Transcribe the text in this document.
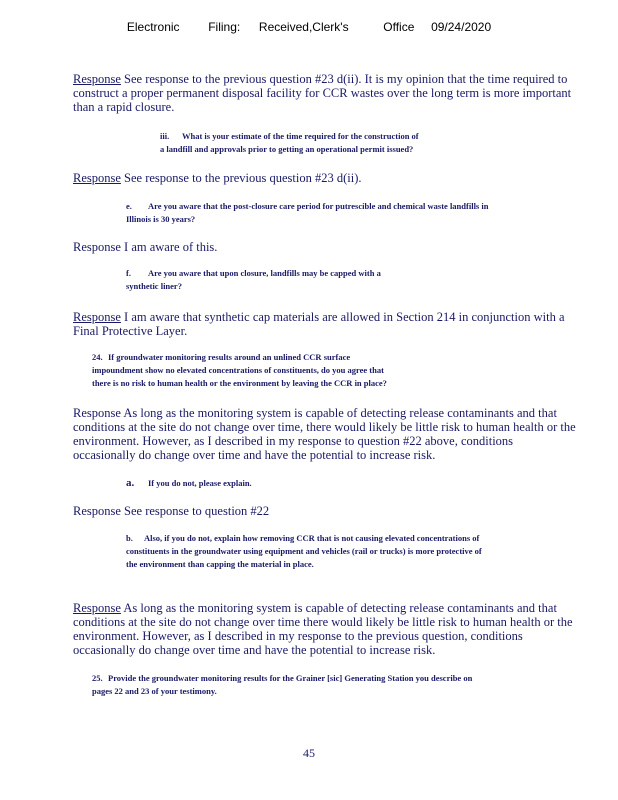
Electronic Filing: Received,Clerk's	Office 09/24/2020
Response See response to the previous question #23 d(ii). It is my opinion that the time required to construct a proper permanent disposal facility for CCR wastes over the long term is more important than a rapid closure.
iii. What is your estimate of the time required for the construction of a landfill and approvals prior to getting an operational permit issued?
Response See response to the previous question #23 d(ii).
e. Are you aware that the post-closure care period for putrescible and chemical waste landfills in Illinois is 30 years?
Response I am aware of this.
f. Are you aware that upon closure, landfills may be capped with a synthetic liner?
Response I am aware that synthetic cap materials are allowed in Section 214 in conjunction with a Final Protective Layer.
24. If groundwater monitoring results around an unlined CCR surface impoundment show no elevated concentrations of constituents, do you agree that there is no risk to human health or the environment by leaving the CCR in place?
Response As long as the monitoring system is capable of detecting release contaminants and that conditions at the site do not change over time, there would likely be little risk to human health or the environment. However, as I described in my response to question #22 above, conditions occasionally do change over time and have the potential to increase risk.
a. If you do not, please explain.
Response See response to question #22
b. Also, if you do not, explain how removing CCR that is not causing elevated concentrations of constituents in the groundwater using equipment and vehicles (rail or trucks) is more protective of the environment than capping the material in place.
Response As long as the monitoring system is capable of detecting release contaminants and that conditions at the site do not change over time there would likely be little risk to human health or the environment. However, as I described in my response to the previous question, conditions occasionally do change over time and have the potential to increase risk.
25. Provide the groundwater monitoring results for the Grainer [sic] Generating Station you describe on pages 22 and 23 of your testimony.
45
